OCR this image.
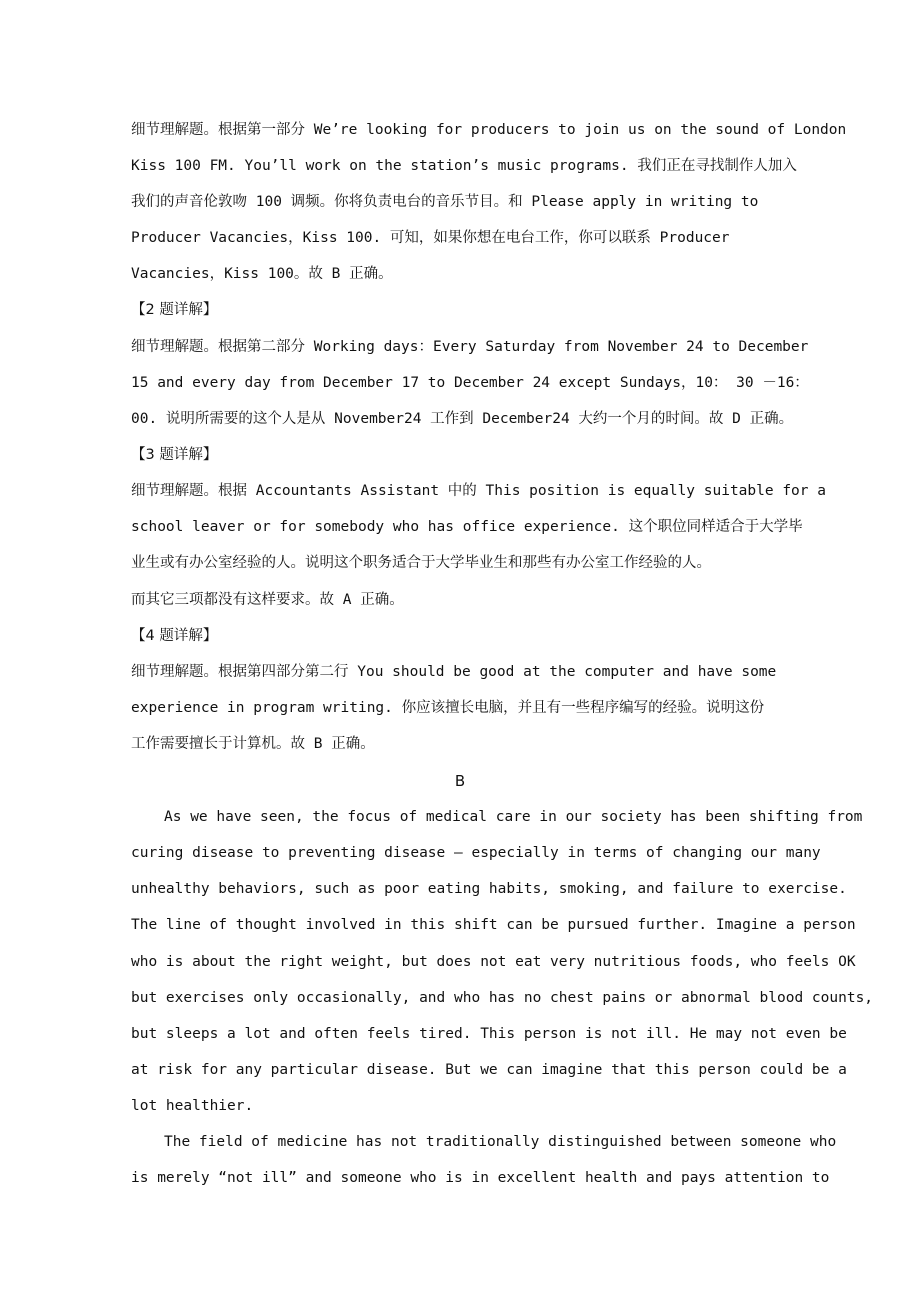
细节理解题。根据第一部分 We’re looking for producers to join us on the sound of London
Kiss 100 FM. You’ll work on the station’s music programs. 我们正在寻找制作人加入
我们的声音伦敦吻 100 调频。你将负责电台的音乐节目。和 Please apply in writing to
Producer Vacancies，Kiss 100. 可知，如果你想在电台工作，你可以联系 Producer
Vacancies，Kiss 100。故 B 正确。
【2 题详解】
细节理解题。根据第二部分 Working days：Every Saturday from November 24 to December
15 and every day from December 17 to December 24 except Sundays，10： 30 －16：
00. 说明所需要的这个人是从 November24 工作到 December24 大约一个月的时间。故 D 正确。
【3 题详解】
细节理解题。根据 Accountants Assistant 中的 This position is equally suitable for a
school leaver or for somebody who has office experience. 这个职位同样适合于大学毕
业生或有办公室经验的人。说明这个职务适合于大学毕业生和那些有办公室工作经验的人。
而其它三项都没有这样要求。故 A 正确。
【4 题详解】
细节理解题。根据第四部分第二行 You should be good at the computer and have some
experience in program writing. 你应该擅长电脑，并且有一些程序编写的经验。说明这份
工作需要擅长于计算机。故 B 正确。
B
As we have seen, the focus of medical care in our society has been shifting from
curing disease to preventing disease — especially in terms of changing our many
unhealthy behaviors, such as poor eating habits, smoking, and failure to exercise.
The line of thought involved in this shift can be pursued further. Imagine a person
who is about the right weight, but does not eat very nutritious foods, who feels OK
but exercises only occasionally, and who has no chest pains or abnormal blood counts,
but sleeps a lot and often feels tired. This person is not ill. He may not even be
at risk for any particular disease. But we can imagine that this person could be a
lot healthier.
The field of medicine has not traditionally distinguished between someone who
is merely “not ill” and someone who is in excellent health and pays attention to
